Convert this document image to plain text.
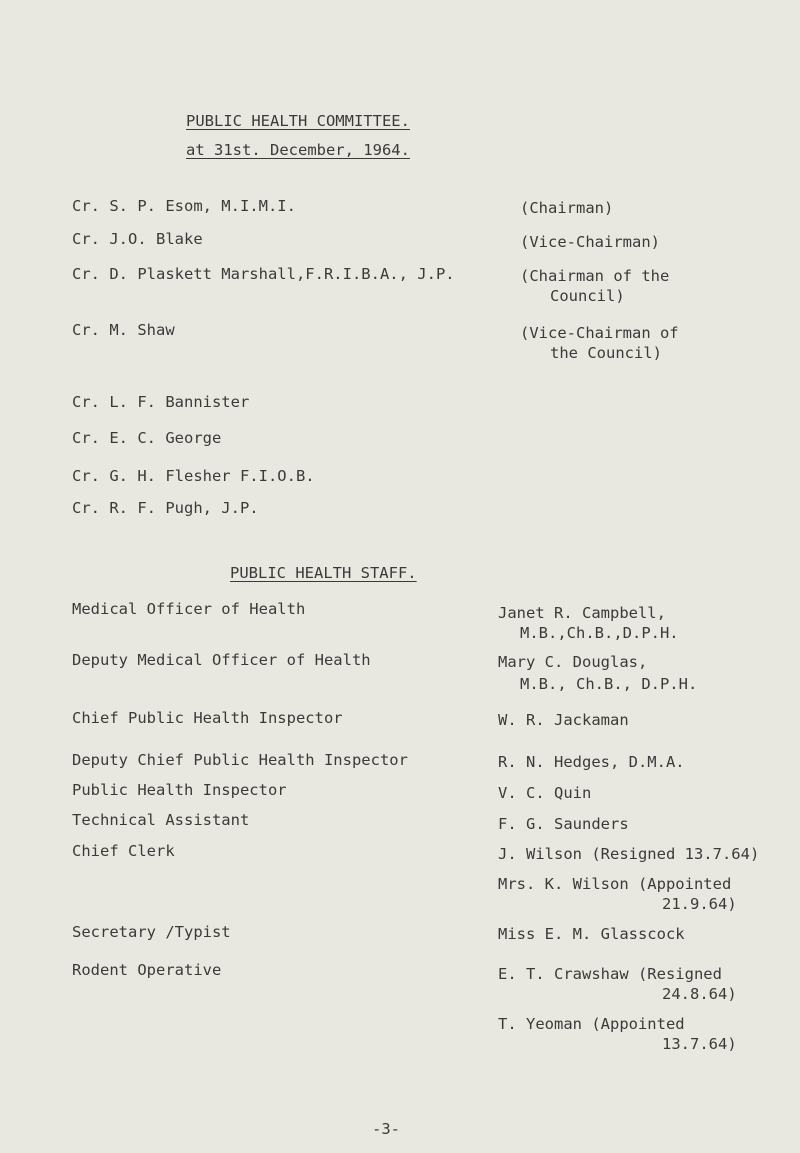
PUBLIC HEALTH COMMITTEE.
at 31st. December, 1964.
Cr. S. P. Esom, M.I.M.I.	(Chairman)
Cr. J.O. Blake	(Vice-Chairman)
Cr. D. Plaskett Marshall,F.R.I.B.A., J.P.	(Chairman of the
Council)
Cr. M. Shaw	(Vice-Chairman of
the Council)
Cr. L. F. Bannister
Cr. E. C. George
Cr. G. H. Flesher F.I.O.B.
Cr. R. F. Pugh, J.P.
PUBLIC HEALTH STAFF.
Medical Officer of Health	Janet R. Campbell,
M.B.,Ch.B.,D.P.H.
Deputy Medical Officer of Health	Mary C. Douglas,
M.B., Ch.B., D.P.H.
Chief Public Health Inspector	W. R. Jackaman
Deputy Chief Public Health Inspector	R. N. Hedges, D.M.A.
Public Health Inspector	V. C. Quin
Technical Assistant	F. G. Saunders
Chief Clerk	J. Wilson (Resigned 13.7.64)
Mrs. K. Wilson (Appointed
21.9.64)
Secretary /Typist	Miss E. M. Glasscock
Rodent Operative	E. T. Crawshaw (Resigned
24.8.64)
T. Yeoman (Appointed
13.7.64)
-3-
